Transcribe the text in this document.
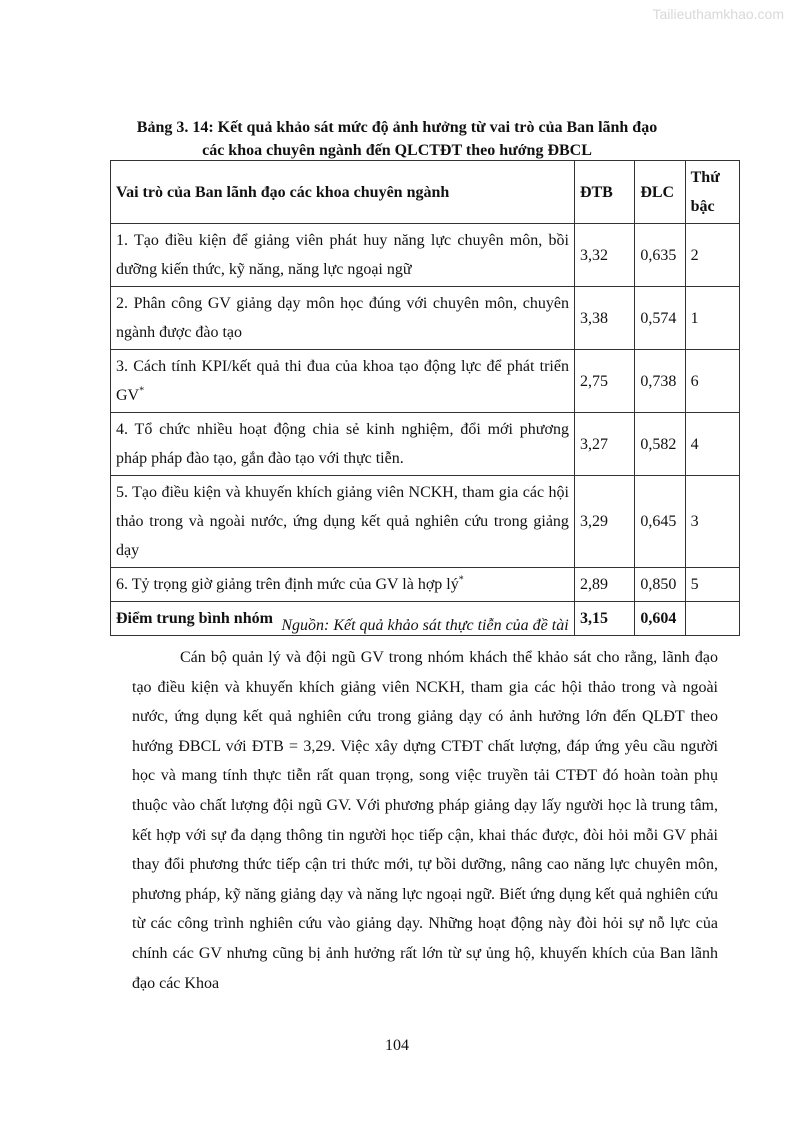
Tailieuthamkhao.com
Bảng 3. 14: Kết quả khảo sát mức độ ảnh hưởng từ vai trò của Ban lãnh đạo
các khoa chuyên ngành đến QLCTĐT theo hướng ĐBCL
Vai trò của Ban lãnh đạo các khoa chuyên ngành	ĐTB	ĐLC	Thứ bậc
1. Tạo điều kiện để giảng viên phát huy năng lực chuyên môn, bồi dưỡng kiến thức, kỹ năng, năng lực ngoại ngữ	3,32	0,635	2
2. Phân công GV giảng dạy môn học đúng với chuyên môn, chuyên ngành được đào tạo	3,38	0,574	1
3. Cách tính KPI/kết quả thi đua của khoa tạo động lực để phát triển GV*	2,75	0,738	6
4. Tổ chức nhiều hoạt động chia sẻ kinh nghiệm, đổi mới phương pháp pháp đào tạo, gắn đào tạo với thực tiễn.	3,27	0,582	4
5. Tạo điều kiện và khuyến khích giảng viên NCKH, tham gia các hội thảo trong và ngoài nước, ứng dụng kết quả nghiên cứu trong giảng dạy	3,29	0,645	3
6. Tỷ trọng giờ giảng trên định mức của GV là hợp lý*	2,89	0,850	5
Điểm trung bình nhóm	3,15	0,604	
Nguồn: Kết quả khảo sát thực tiễn của đề tài

Cán bộ quản lý và đội ngũ GV trong nhóm khách thể khảo sát cho rằng, lãnh đạo tạo điều kiện và khuyến khích giảng viên NCKH, tham gia các hội thảo trong và ngoài nước, ứng dụng kết quả nghiên cứu trong giảng dạy có ảnh hưởng lớn đến QLĐT theo hướng ĐBCL với ĐTB = 3,29. Việc xây dựng CTĐT chất lượng, đáp ứng yêu cầu người học và mang tính thực tiễn rất quan trọng, song việc truyền tải CTĐT đó hoàn toàn phụ thuộc vào chất lượng đội ngũ GV. Với phương pháp giảng dạy lấy người học là trung tâm, kết hợp với sự đa dạng thông tin người học tiếp cận, khai thác được, đòi hỏi mỗi GV phải thay đổi phương thức tiếp cận tri thức mới, tự bồi dưỡng, nâng cao năng lực chuyên môn, phương pháp, kỹ năng giảng dạy và năng lực ngoại ngữ. Biết ứng dụng kết quả nghiên cứu từ các công trình nghiên cứu vào giảng dạy. Những hoạt động này đòi hỏi sự nỗ lực của chính các GV nhưng cũng bị ảnh hưởng rất lớn từ sự ủng hộ, khuyến khích của Ban lãnh đạo các Khoa

104
